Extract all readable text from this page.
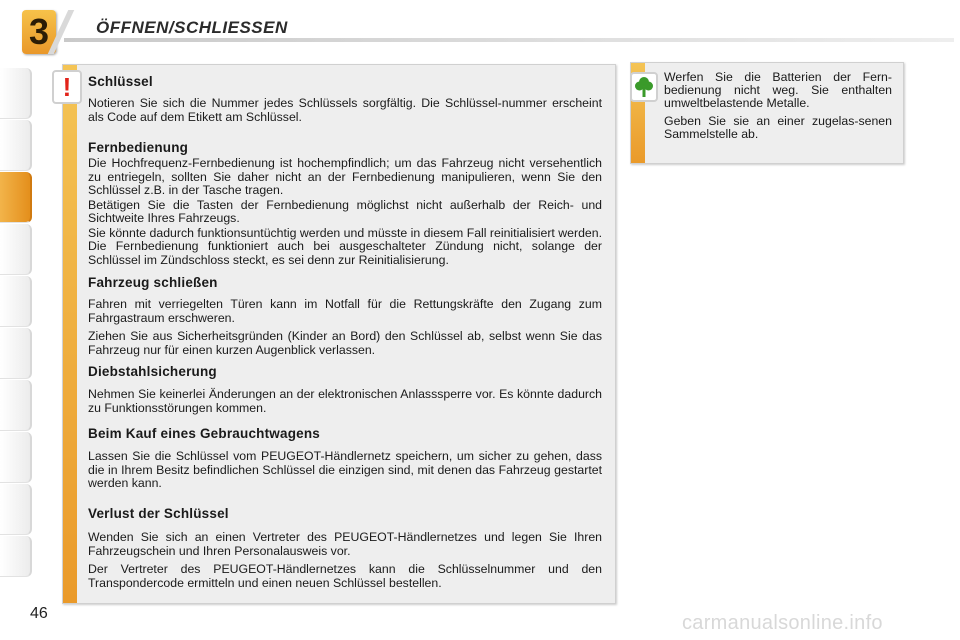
3	ÖFFNEN/SCHLIESSEN
46
!	Schlüssel

Notieren Sie sich die Nummer jedes Schlüssels sorgfältig. Die Schlüssel-nummer erscheint als Code auf dem Etikett am Schlüssel.

Fernbedienung

Die Hochfrequenz-Fernbedienung ist hochempfindlich; um das Fahrzeug nicht versehentlich zu entriegeln, sollten Sie daher nicht an der Fernbedienung manipulieren, wenn Sie den Schlüssel z.B. in der Tasche tragen.

Betätigen Sie die Tasten der Fernbedienung möglichst nicht außerhalb der Reich- und Sichtweite Ihres Fahrzeugs.

Sie könnte dadurch funktionsuntüchtig werden und müsste in diesem Fall reinitialisiert werden. Die Fernbedienung funktioniert auch bei ausgeschalteter Zündung nicht, solange der Schlüssel im Zündschloss steckt, es sei denn zur Reinitialisierung.

Fahrzeug schließen

Fahren mit verriegelten Türen kann im Notfall für die Rettungskräfte den Zugang zum Fahrgastraum erschweren.

Ziehen Sie aus Sicherheitsgründen (Kinder an Bord) den Schlüssel ab, selbst wenn Sie das Fahrzeug nur für einen kurzen Augenblick verlassen.

Diebstahlsicherung

Nehmen Sie keinerlei Änderungen an der elektronischen Anlasssperre vor. Es könnte dadurch zu Funktionsstörungen kommen.

Beim Kauf eines Gebrauchtwagens

Lassen Sie die Schlüssel vom PEUGEOT-Händlernetz speichern, um sicher zu gehen, dass die in Ihrem Besitz befindlichen Schlüssel die einzigen sind, mit denen das Fahrzeug gestartet werden kann.

Verlust der Schlüssel

Wenden Sie sich an einen Vertreter des PEUGEOT-Händlernetzes und legen Sie Ihren Fahrzeugschein und Ihren Personalausweis vor.

Der Vertreter des PEUGEOT-Händlernetzes kann die Schlüsselnummer und den Transpondercode ermitteln und einen neuen Schlüssel bestellen.

Werfen Sie die Batterien der Fern-bedienung nicht weg. Sie enthalten umweltbelastende Metalle.

Geben Sie sie an einer zugelas-senen Sammelstelle ab.

carmanualsonline.info
